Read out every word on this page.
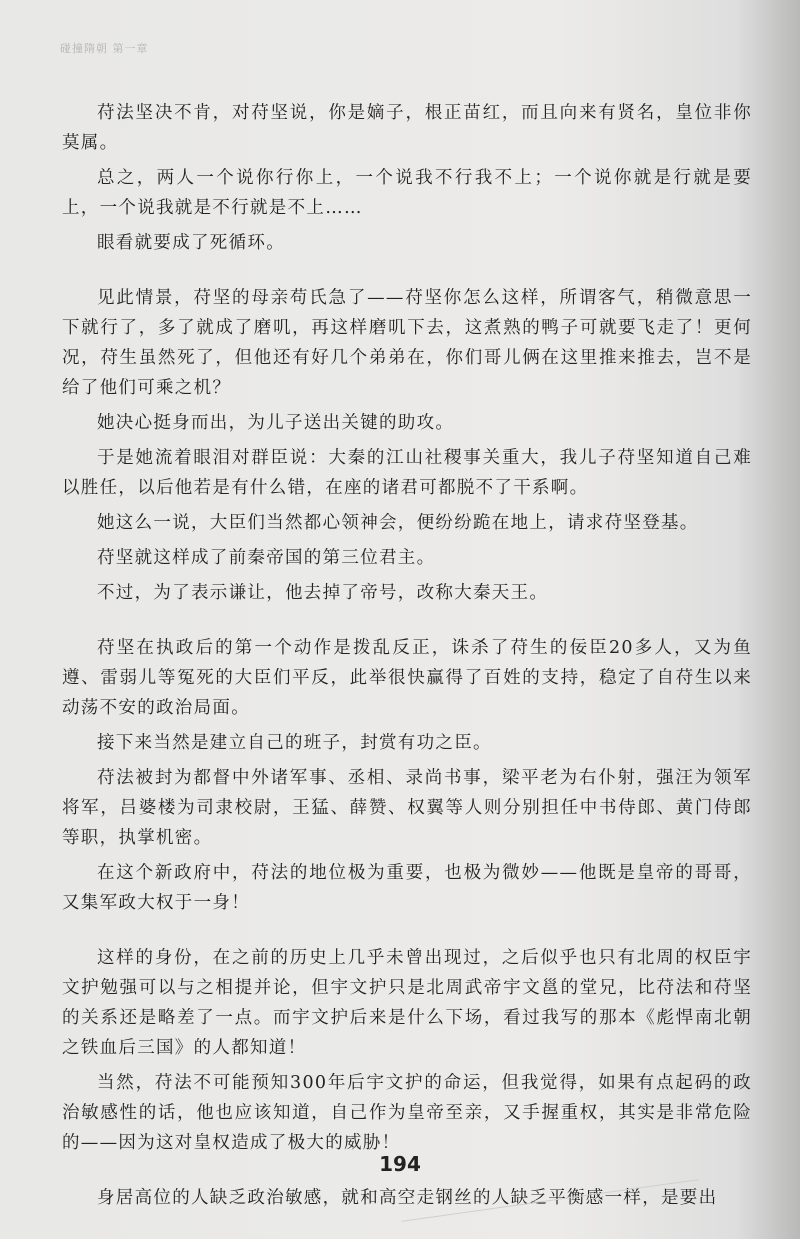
碰撞隋朝 第一章

苻法坚决不肯，对苻坚说，你是嫡子，根正苗红，而且向来有贤名，皇位非你莫属。

总之，两人一个说你行你上，一个说我不行我不上；一个说你就是行就是要上，一个说我就是不行就是不上……

眼看就要成了死循环。

见此情景，苻坚的母亲苟氏急了——苻坚你怎么这样，所谓客气，稍微意思一下就行了，多了就成了磨叽，再这样磨叽下去，这煮熟的鸭子可就要飞走了！更何况，苻生虽然死了，但他还有好几个弟弟在，你们哥儿俩在这里推来推去，岂不是给了他们可乘之机？

她决心挺身而出，为儿子送出关键的助攻。

于是她流着眼泪对群臣说：大秦的江山社稷事关重大，我儿子苻坚知道自己难以胜任，以后他若是有什么错，在座的诸君可都脱不了干系啊。

她这么一说，大臣们当然都心领神会，便纷纷跪在地上，请求苻坚登基。

苻坚就这样成了前秦帝国的第三位君主。

不过，为了表示谦让，他去掉了帝号，改称大秦天王。

苻坚在执政后的第一个动作是拨乱反正，诛杀了苻生的佞臣20多人，又为鱼遵、雷弱儿等冤死的大臣们平反，此举很快赢得了百姓的支持，稳定了自苻生以来动荡不安的政治局面。

接下来当然是建立自己的班子，封赏有功之臣。

苻法被封为都督中外诸军事、丞相、录尚书事，梁平老为右仆射，强汪为领军将军，吕婆楼为司隶校尉，王猛、薛赞、权翼等人则分别担任中书侍郎、黄门侍郎等职，执掌机密。

在这个新政府中，苻法的地位极为重要，也极为微妙——他既是皇帝的哥哥，又集军政大权于一身！

这样的身份，在之前的历史上几乎未曾出现过，之后似乎也只有北周的权臣宇文护勉强可以与之相提并论，但宇文护只是北周武帝宇文邕的堂兄，比苻法和苻坚的关系还是略差了一点。而宇文护后来是什么下场，看过我写的那本《彪悍南北朝之铁血后三国》的人都知道！

当然，苻法不可能预知300年后宇文护的命运，但我觉得，如果有点起码的政治敏感性的话，他也应该知道，自己作为皇帝至亲，又手握重权，其实是非常危险的——因为这对皇权造成了极大的威胁！

身居高位的人缺乏政治敏感，就和高空走钢丝的人缺乏平衡感一样，是要出

194
